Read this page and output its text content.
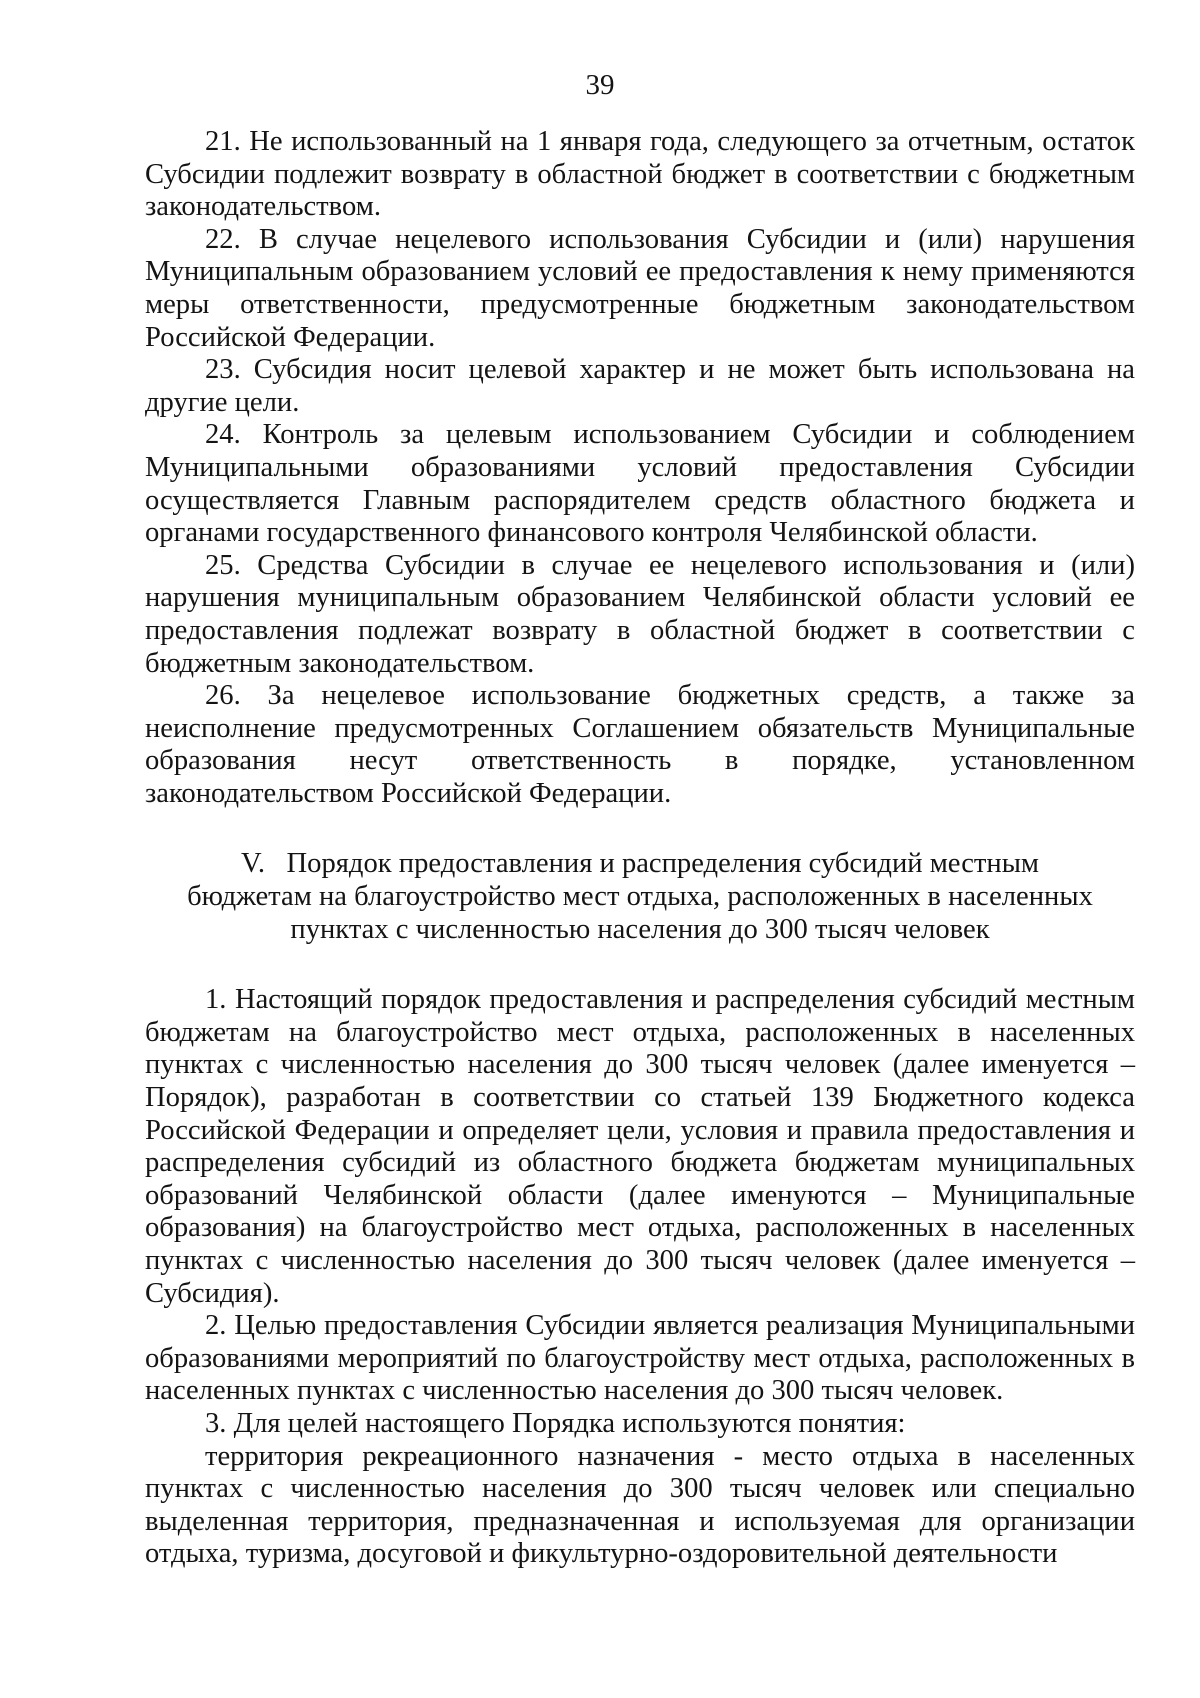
39

21. Не использованный на 1 января года, следующего за отчетным, остаток Субсидии подлежит возврату в областной бюджет в соответствии с бюджетным законодательством.

22. В случае нецелевого использования Субсидии и (или) нарушения Муниципальным образованием условий ее предоставления к нему применяются меры ответственности, предусмотренные бюджетным законодательством Российской Федерации.

23. Субсидия носит целевой характер и не может быть использована на другие цели.

24. Контроль за целевым использованием Субсидии и соблюдением Муниципальными образованиями условий предоставления Субсидии осуществляется Главным распорядителем средств областного бюджета и органами государственного финансового контроля Челябинской области.

25. Средства Субсидии в случае ее нецелевого использования и (или) нарушения муниципальным образованием Челябинской области условий ее предоставления подлежат возврату в областной бюджет в соответствии с бюджетным законодательством.

26. За нецелевое использование бюджетных средств, а также за неисполнение предусмотренных Соглашением обязательств Муниципальные образования несут ответственность в порядке, установленном законодательством Российской Федерации.

V.   Порядок предоставления и распределения субсидий местным
бюджетам на благоустройство мест отдыха, расположенных в населенных
пунктах с численностью населения до 300 тысяч человек

1. Настоящий порядок предоставления и распределения субсидий местным бюджетам на благоустройство мест отдыха, расположенных в населенных пунктах с численностью населения до 300 тысяч человек (далее именуется – Порядок), разработан в соответствии со статьей 139 Бюджетного кодекса Российской Федерации и определяет цели, условия и правила предоставления и распределения субсидий из областного бюджета бюджетам муниципальных образований Челябинской области (далее именуются – Муниципальные образования) на благоустройство мест отдыха, расположенных в населенных пунктах с численностью населения до 300 тысяч человек (далее именуется – Субсидия).

2. Целью предоставления Субсидии является реализация Муниципальными образованиями мероприятий по благоустройству мест отдыха, расположенных в населенных пунктах с численностью населения до 300 тысяч человек.

3. Для целей настоящего Порядка используются понятия:

территория рекреационного назначения - место отдыха в населенных пунктах с численностью населения до 300 тысяч человек или специально выделенная территория, предназначенная и используемая для организации отдыха, туризма, досуговой и фикультурно-оздоровительной деятельности
